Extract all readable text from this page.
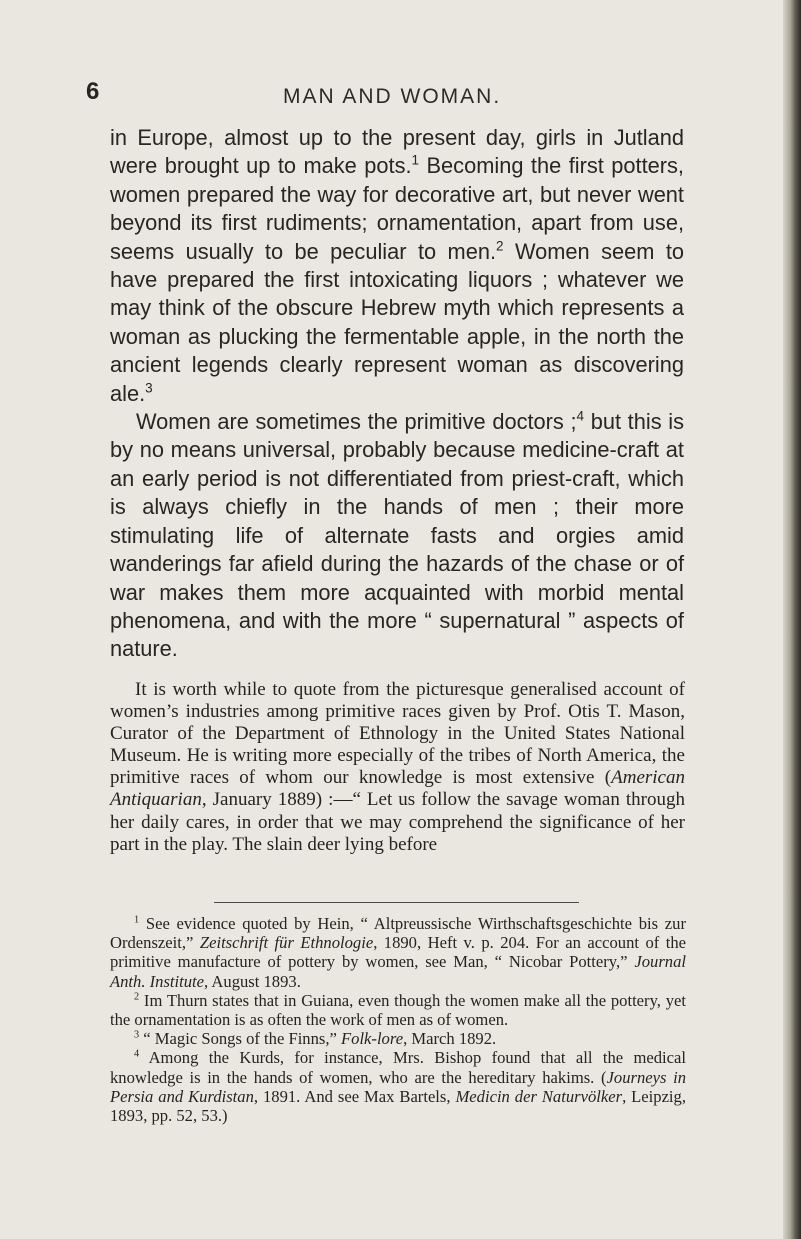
6	MAN AND WOMAN.

in Europe, almost up to the present day, girls in Jutland were brought up to make pots.$^1$ Becoming the first potters, women prepared the way for decorative art, but never went beyond its first rudiments; ornamentation, apart from use, seems usually to be peculiar to men.$^2$ Women seem to have prepared the first intoxicating liquors ; whatever we may think of the obscure Hebrew myth which represents a woman as plucking the fermentable apple, in the north the ancient legends clearly represent woman as discovering ale.$^3$

Women are sometimes the primitive doctors ;$^4$ but this is by no means universal, probably because medicine-craft at an early period is not differentiated from priest-craft, which is always chiefly in the hands of men ; their more stimulating life of alternate fasts and orgies amid wanderings far afield during the hazards of the chase or of war makes them more acquainted with morbid mental phenomena, and with the more “ supernatural ” aspects of nature.

It is worth while to quote from the picturesque generalised account of women’s industries among primitive races given by Prof. Otis T. Mason, Curator of the Department of Ethnology in the United States National Museum. He is writing more especially of the tribes of North America, the primitive races of whom our knowledge is most extensive (American Antiquarian, January 1889) :—“ Let us follow the savage woman through her daily cares, in order that we may comprehend the significance of her part in the play. The slain deer lying before

$^1$ See evidence quoted by Hein, “ Altpreussische Wirthschaftsgeschichte bis zur Ordenszeit,” Zeitschrift für Ethnologie, 1890, Heft v. p. 204. For an account of the primitive manufacture of pottery by women, see Man, “ Nicobar Pottery,” Journal Anth. Institute, August 1893.

$^2$ Im Thurn states that in Guiana, even though the women make all the pottery, yet the ornamentation is as often the work of men as of women.

$^3$ “ Magic Songs of the Finns,” Folk-lore, March 1892.

$^4$ Among the Kurds, for instance, Mrs. Bishop found that all the medical knowledge is in the hands of women, who are the hereditary hakims. (Journeys in Persia and Kurdistan, 1891. And see Max Bartels, Medicin der Naturvölker, Leipzig, 1893, pp. 52, 53.)
